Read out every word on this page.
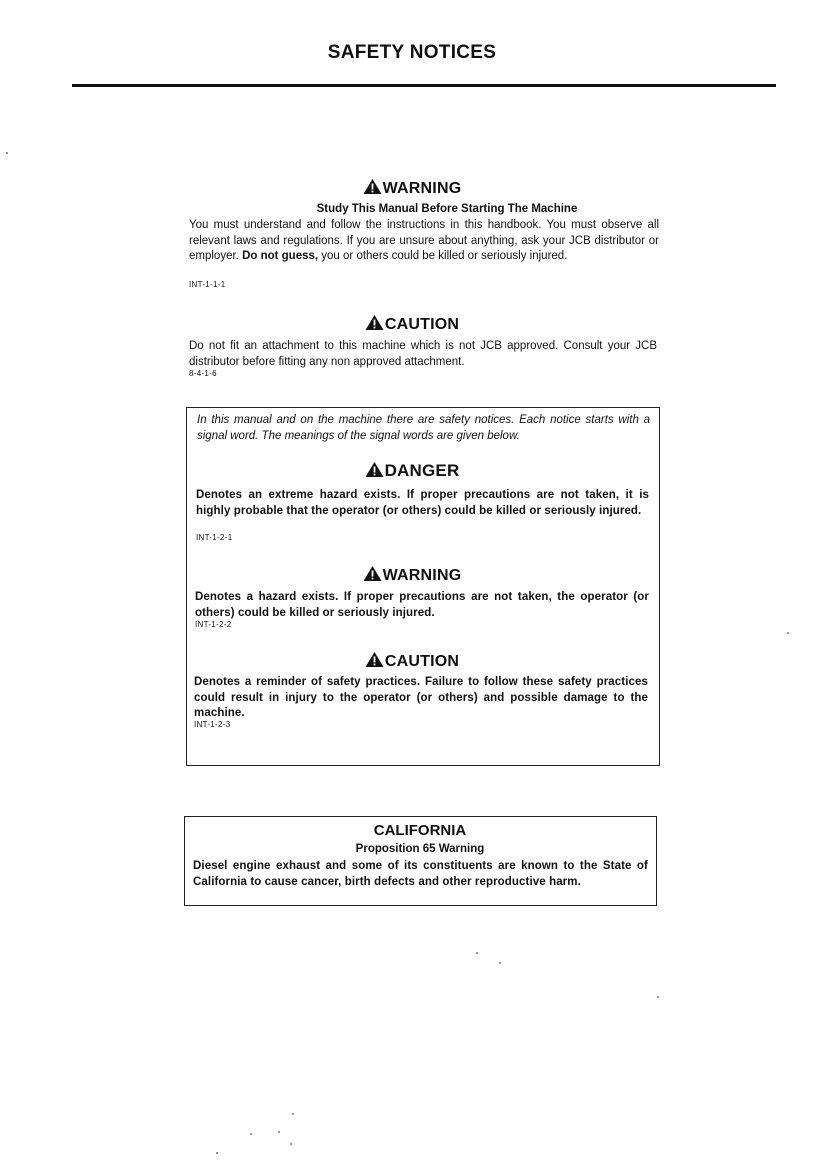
SAFETY NOTICES
WARNING
Study This Manual Before Starting The Machine
You must understand and follow the instructions in this handbook. You must observe all relevant laws and regulations. If you are unsure about anything, ask your JCB distributor or employer. Do not guess, you or others could be killed or seriously injured.
INT-1-1-1
CAUTION
Do not fit an attachment to this machine which is not JCB approved. Consult your JCB distributor before fitting any non approved attachment.
8-4-1-6
In this manual and on the machine there are safety notices. Each notice starts with a signal word. The meanings of the signal words are given below.
DANGER
Denotes an extreme hazard exists. If proper precautions are not taken, it is highly probable that the operator (or others) could be killed or seriously injured.
INT-1-2-1
WARNING
Denotes a hazard exists. If proper precautions are not taken, the operator (or others) could be killed or seriously injured.
INT-1-2-2
CAUTION
Denotes a reminder of safety practices. Failure to follow these safety practices could result in injury to the operator (or others) and possible damage to the machine.
INT-1-2-3
CALIFORNIA
Proposition 65 Warning
Diesel engine exhaust and some of its constituents are known to the State of California to cause cancer, birth defects and other reproductive harm.
